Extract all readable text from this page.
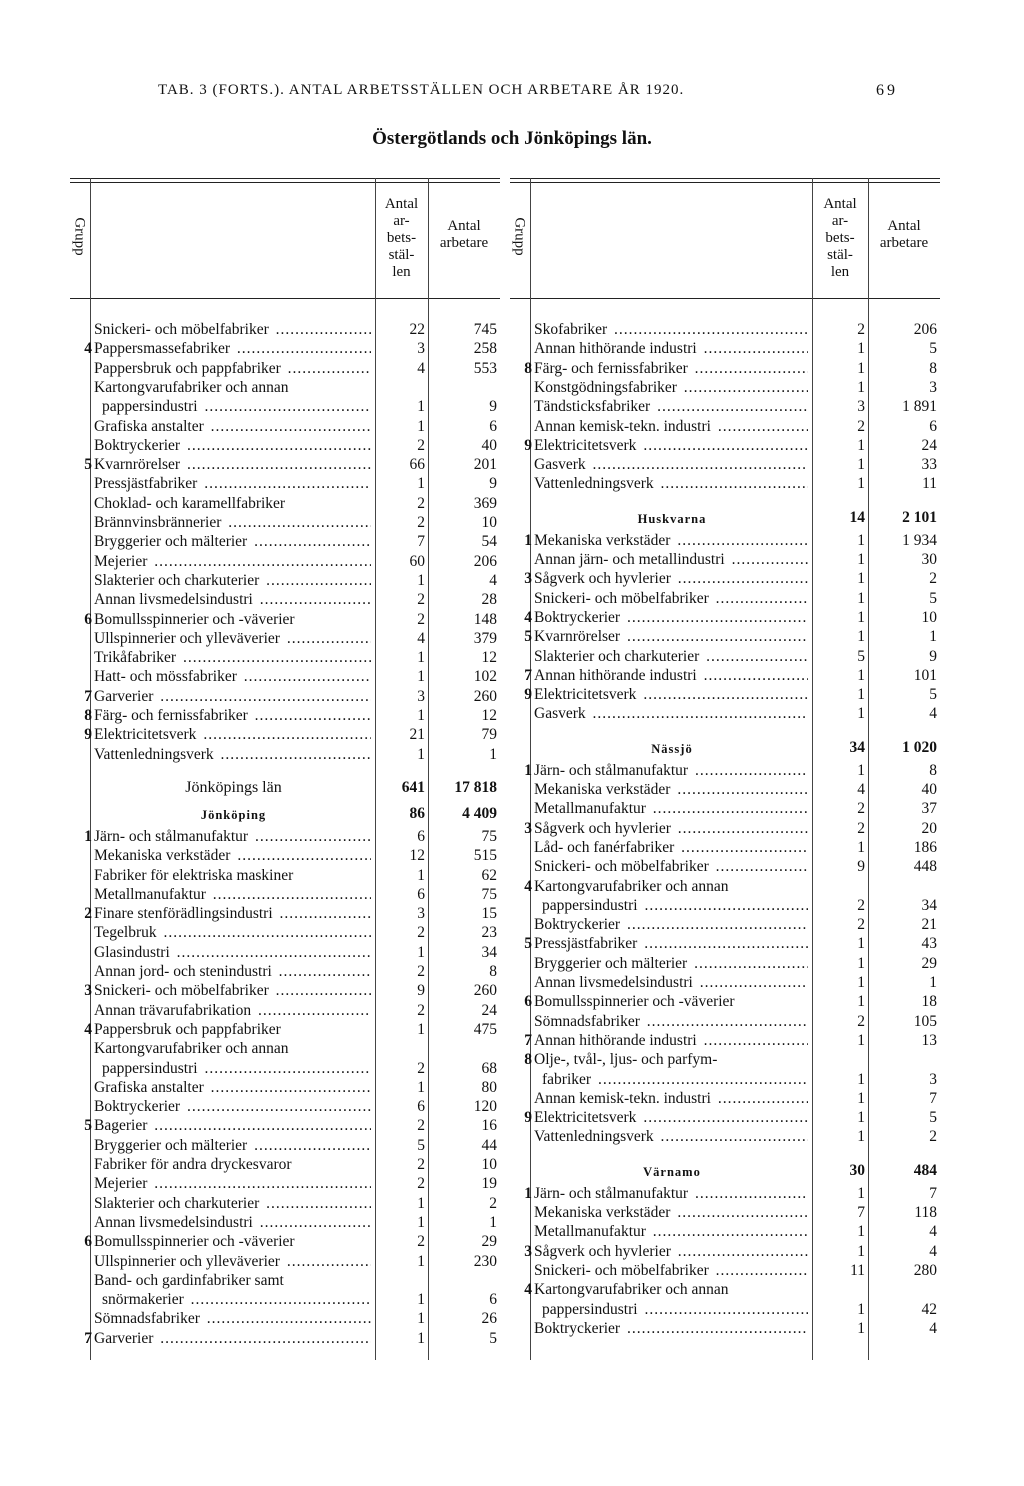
TAB. 3 (FORTS.). ANTAL ARBETSSTÄLLEN OCH ARBETARE ÅR 1920.	69
Östergötlands och Jönköpings län.
Grupp
Antal
ar-
bets-
stäl-
len
Antal
arbetare	Grupp
Antal
ar-
bets-
stäl-
len
Antal
arbetare
Snickeri- och möbelfabriker .....	22	745
4 Pappersmassefabriker .....	3	258
Pappersbruk och pappfabriker .....	4	553
Kartongvarufabriker och annan
pappersindustri .....	1	9
Grafiska anstalter .....	1	6
Boktryckerier .....	2	40
5 Kvarnrörelser .....	66	201
Pressjästfabriker .....	1	9
Choklad- och karamellfabriker	2	369
Brännvinsbrännerier .....	2	10
Bryggerier och mälterier .....	7	54
Mejerier .....	60	206
Slakterier och charkuterier .....	1	4
Annan livsmedelsindustri .....	2	28
6 Bomullsspinnerier och -väverier	2	148
Ullspinnerier och ylleväverier .....	4	379
Trikåfabriker .....	1	12
Hatt- och mössfabriker .....	1	102
7 Garverier .....	3	260
8 Färg- och fernissfabriker .....	1	12
9 Elektricitetsverk .....	21	79
Vattenledningsverk .....	1	1
Jönköpings län	641	17 818
Jönköping	86	4 409
1 Järn- och stålmanufaktur .....	6	75
Mekaniska verkstäder .....	12	515
Fabriker för elektriska maskiner	1	62
Metallmanufaktur .....	6	75
2 Finare stenförädlingsindustri .....	3	15
Tegelbruk .....	2	23
Glasindustri .....	1	34
Annan jord- och stenindustri .....	2	8
3 Snickeri- och möbelfabriker .....	9	260
Annan trävarufabrikation .....	2	24
4 Pappersbruk och pappfabriker	1	475
Kartongvarufabriker och annan
pappersindustri .....	2	68
Grafiska anstalter .....	1	80
Boktryckerier .....	6	120
5 Bagerier .....	2	16
Bryggerier och mälterier .....	5	44
Fabriker för andra dryckesvaror	2	10
Mejerier .....	2	19
Slakterier och charkuterier .....	1	2
Annan livsmedelsindustri .....	1	1
6 Bomullsspinnerier och -väverier	2	29
Ullspinnerier och ylleväverier .....	1	230
Band- och gardinfabriker samt
snörmakerier .....	1	6
Sömnadsfabriker .....	1	26
7 Garverier .....	1	5
Skofabriker .....	2	206
Annan hithörande industri .....	1	5
8 Färg- och fernissfabriker .....	1	8
Konstgödningsfabriker .....	1	3
Tändsticksfabriker .....	3	1 891
Annan kemisk-tekn. industri .....	2	6
9 Elektricitetsverk .....	1	24
Gasverk .....	1	33
Vattenledningsverk .....	1	11
Huskvarna	14	2 101
1 Mekaniska verkstäder .....	1	1 934
Annan järn- och metallindustri .....	1	30
3 Sågverk och hyvlerier .....	1	2
Snickeri- och möbelfabriker .....	1	5
4 Boktryckerier .....	1	10
5 Kvarnrörelser .....	1	1
Slakterier och charkuterier .....	5	9
7 Annan hithörande industri .....	1	101
9 Elektricitetsverk .....	1	5
Gasverk .....	1	4
Nässjö	34	1 020
1 Järn- och stålmanufaktur .....	1	8
Mekaniska verkstäder .....	4	40
Metallmanufaktur .....	2	37
3 Sågverk och hyvlerier .....	2	20
Låd- och fanérfabriker .....	1	186
Snickeri- och möbelfabriker .....	9	448
4 Kartongvarufabriker och annan
pappersindustri .....	2	34
Boktryckerier .....	2	21
5 Pressjästfabriker .....	1	43
Bryggerier och mälterier .....	1	29
Annan livsmedelsindustri .....	1	1
6 Bomullsspinnerier och -väverier	1	18
Sömnadsfabriker .....	2	105
7 Annan hithörande industri .....	1	13
8 Olje-, tvål-, ljus- och parfym-
fabriker .....	1	3
Annan kemisk-tekn. industri .....	1	7
9 Elektricitetsverk .....	1	5
Vattenledningsverk .....	1	2
Värnamo	30	484
1 Järn- och stålmanufaktur .....	1	7
Mekaniska verkstäder .....	7	118
Metallmanufaktur .....	1	4
3 Sågverk och hyvlerier .....	1	4
Snickeri- och möbelfabriker .....	11	280
4 Kartongvarufabriker och annan
pappersindustri .....	1	42
Boktryckerier .....	1	4
